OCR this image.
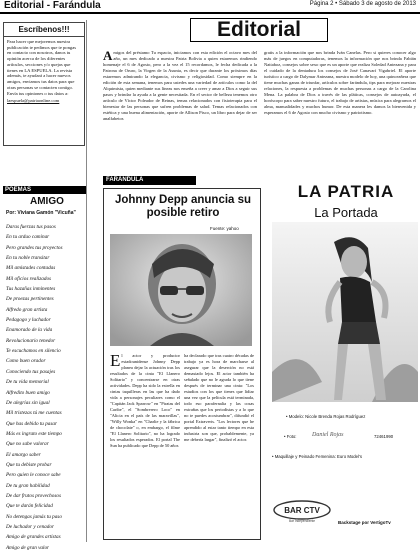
Editorial - Farándula	Página 2 • Sábado 3 de agosto de 2013
Escríbenos!!!

Para hacer que mejoremos nuestra publicación te pedimos que te pongas en contacto con nosotros, danos tu opinión acerca de los diferentes artículos, secciones y/o quejas que tienes en LA ESPUELA. La revista además, te ayudará a hacer nuevos amigos, enviamos tus datos para que otras personas se contacten contigo. Envía tus opiniones o tus datos a:

laespuela@patriaonline.com

POEMAS
AMIGO
Por: Viviana Gamón "Vicuña"
Daras fuerzas tus pasos
En tu arduo caminar
Pero grandes tus proyectos
En tu noble transitar
Mil amistades contadas
Mil oficios realizados
Tus hazañas inminentes
De proezas pertinentes
Alfredo gran artista
Pedagogo y luchador
Enamorado de la vida
Revolucionario tenedor
Te escuchamos en silencio
Como buen orador
Conociendo tus pasajes
De tu vida memorial
Alfredito buen amigo
De alegrías sin igual
Mil tristezas tú me cuentas
Que has debido tu pasar
Más es ingrato este tiempo
Que no sabe valorar
El amargo saber
Que tu debiste probar
Pero quien le conoce sabe
De tu gran habilidad
De dar frutos provechosos
Que te darán felicidad
No detengas jamás tu paso
De luchador y cenador
Amigo de grandes artistas
Amigo de gran valor
Editorial
Amigos del préstamo Tu espacio, iniciamos con esta edición el octavo mes del año, un mes dedicado a nuestra Patria Bolivia a quien estaremos rindiendo homenaje el 6 de Agosto, pero a la vez el 15 recordamos, le fecha dedicada a la Patrona de Oruro, la Virgen de la Asunta, es decir que durante los próximos días estaremos admirando la elegancia, civismo y religiosidad. Como siempre en la edición de esta semana, tenemos para ustedes una variedad de artículos como la del Alquimista, quien mediante sus líneas nos enseña a creer y amar a Dios a seguir sus pasos y brindar la ayuda a la gente necesitada. En el sector de belleza tenemos otro artículo de Víctor Poleador de Reinas, temas relacionados con fisioterapia para el bienestar de las personas que sufren problemas de salud. Temas relacionados con estética y una buena alimentación, aporte de Allison Pisco, un libro para dejar de ser analfabetos
gratis a la información que nos brinda Iván Canelas. Pero si quieres conocer algo más de juegos en computadoras, tenemos la información que nos brinda Fabián Nattaboz, consejos sobre sexo que es un aporte que realiza Soledad Antezana y para el cuidado de la dentadura los consejos de José Canavarí Vigabriel. El aporte turístico a cargo de Dalymar Antezana, nuestra modelo de hoy, una quinceañera que tiene muchas ganas de triunfar, artículos sobre farándula, tips para mejorar nuestras relaciones, la respuesta a problemas de muchas personas a cargo de la Carolina Mena. La palabra de Dios a través de las pláticas, consejos de autoayuda, el horóscopo para saber nuestro futuro, el trabajo de artistas, música para alegrarnos el alma, manualidades y muchos humor. De esta manera les damos la bienvenida y esperamos el 6 de Agosto con mucho civismo y patriotismo.
FARÁNDULA
Johnny Depp anuncia su posible retiro
Fuente: yahoo
El actor y productor estadounidense Johnny Depp planea dejar la actuación tras los resultados de la cinta "El Llanero Solitario" y concentrarse en otras actividades. Depp ha sido la estrella en cintas taquilleras en las que ha dado vida a personajes peculiares como el "Capitán Jack Sparrow" en "Piratas del Caribe", el "Sombrerero Loco" en "Alicia en el país de las maravillas", "Willy Wonka" en "Charlie y la fábrica de chocolate" o, en embargo, el filme "El Llanero Solitario", no ha logrado los resultados esperados. El portal The Sun ha publicado que Depp de 50 años
ha declarado que tras cuatro décadas de trabajo ya es hora de marcharse al asegurar que la deserción no está demasiado lejos. El actor también ha señalado que no le agrada lo que tiene después de terminar una cinta: "Los estudios con los que tienes que lidiar una vez que la película está terminada, todo eso parafernalia y las cosas extrañas que los periodistas y a lo que no te puedes acostumbrar", difundió el portal Extraverts. "Los lectores que he aprendido al estar tanto tiempo en esta industria son que, probablemente, ya me debería largar", finalizó el actor.
LA PATRIA
La Portada
• Modelo: Nicole Brenda Rojas Rodríguez
• Foto:	Daniel Rojas	72461990
• Maquillaje y Peinado Femenina: Euro Model's
BAR CTV
Bar Independiente	Backstage por VertigoTv
